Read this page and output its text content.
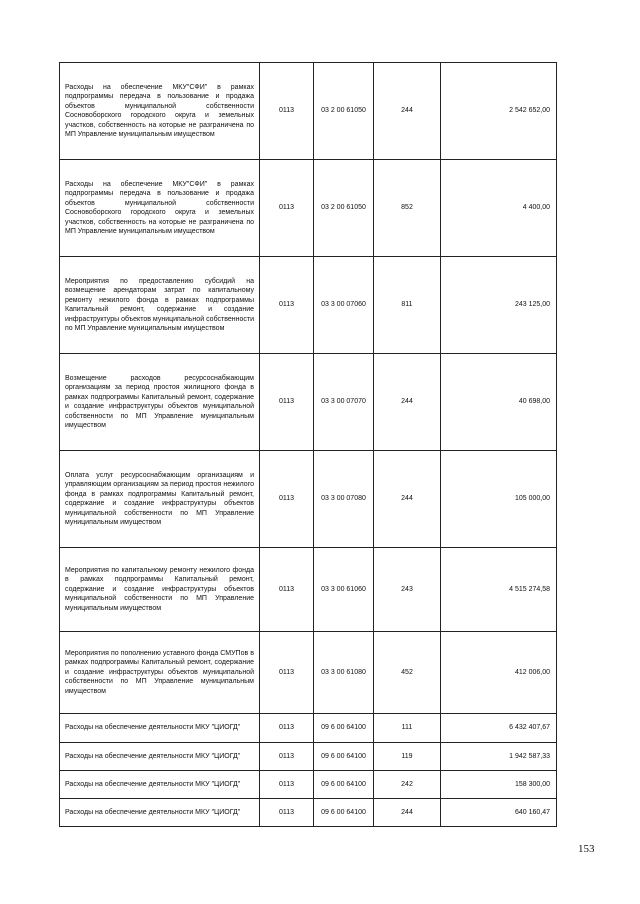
Расходы на обеспечение МКУ"СФИ" в рамках подпрограммы передача в пользование и продажа объектов муниципальной собственности Сосновоборского городского округа и земельных участков, собственность на которые не разграничена по МП Управление муниципальным имуществом	0113	03 2 00 61050	244	2 542 652,00
Расходы на обеспечение МКУ"СФИ" в рамках подпрограммы передача в пользование и продажа объектов муниципальной собственности Сосновоборского городского округа и земельных участков, собственность на которые не разграничена по МП Управление муниципальным имуществом	0113	03 2 00 61050	852	4 400,00
Мероприятия по предоставлению субсидий на возмещение арендаторам затрат по капитальному ремонту нежилого фонда в рамках подпрограммы Капитальный ремонт, содержание и создание инфраструктуры объектов муниципальной собственности по МП Управление муниципальным имуществом	0113	03 3 00 07060	811	243 125,00
Возмещение расходов ресурсоснабжающим организациям за период простоя жилищного фонда в рамках подпрограммы Капитальный ремонт, содержание и создание инфраструктуры объектов муниципальной собственности по МП Управление муниципальным имуществом	0113	03 3 00 07070	244	40 698,00
Оплата услуг ресурсоснабжающим организациям и управляющим организациям за период простоя нежилого фонда в рамках подпрограммы Капитальный ремонт, содержание и создание инфраструктуры объектов муниципальной собственности по МП Управление муниципальным имуществом	0113	03 3 00 07080	244	105 000,00
Мероприятия по капитальному ремонту нежилого фонда в рамках подпрограммы Капитальный ремонт, содержание и создание инфраструктуры объектов муниципальной собственности по МП Управление муниципальным имуществом	0113	03 3 00 61060	243	4 515 274,58
Мероприятия по пополнению уставного фонда СМУПов в рамках подпрограммы Капитальный ремонт, содержание и создание инфраструктуры объектов муниципальной собственности по МП Управление муниципальным имуществом	0113	03 3 00 61080	452	412 006,00
Расходы на обеспечение деятельности МКУ "ЦИОГД"	0113	09 6 00 64100	111	6 432 407,67
Расходы на обеспечение деятельности МКУ "ЦИОГД"	0113	09 6 00 64100	119	1 942 587,33
Расходы на обеспечение деятельности МКУ "ЦИОГД"	0113	09 6 00 64100	242	158 300,00
Расходы на обеспечение деятельности МКУ "ЦИОГД"	0113	09 6 00 64100	244	640 160,47
153
